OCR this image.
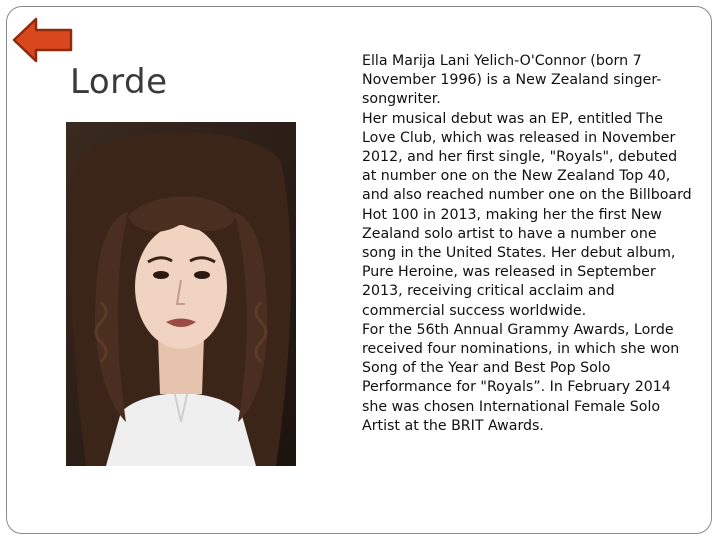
Lorde

Ella Marija Lani Yelich-O'Connor (born 7 November 1996) is a New Zealand singer-songwriter.

Her musical debut was an EP, entitled The Love Club, which was released in November 2012, and her first single, "Royals", debuted at number one on the New Zealand Top 40, and also reached number one on the Billboard Hot 100 in 2013, making her the first New Zealand solo artist to have a number one song in the United States. Her debut album, Pure Heroine, was released in September 2013, receiving critical acclaim and commercial success worldwide.

For the 56th Annual Grammy Awards, Lorde received four nominations, in which she won Song of the Year and Best Pop Solo Performance for "Royals”. In February 2014 she was chosen International Female Solo Artist at the BRIT Awards.
